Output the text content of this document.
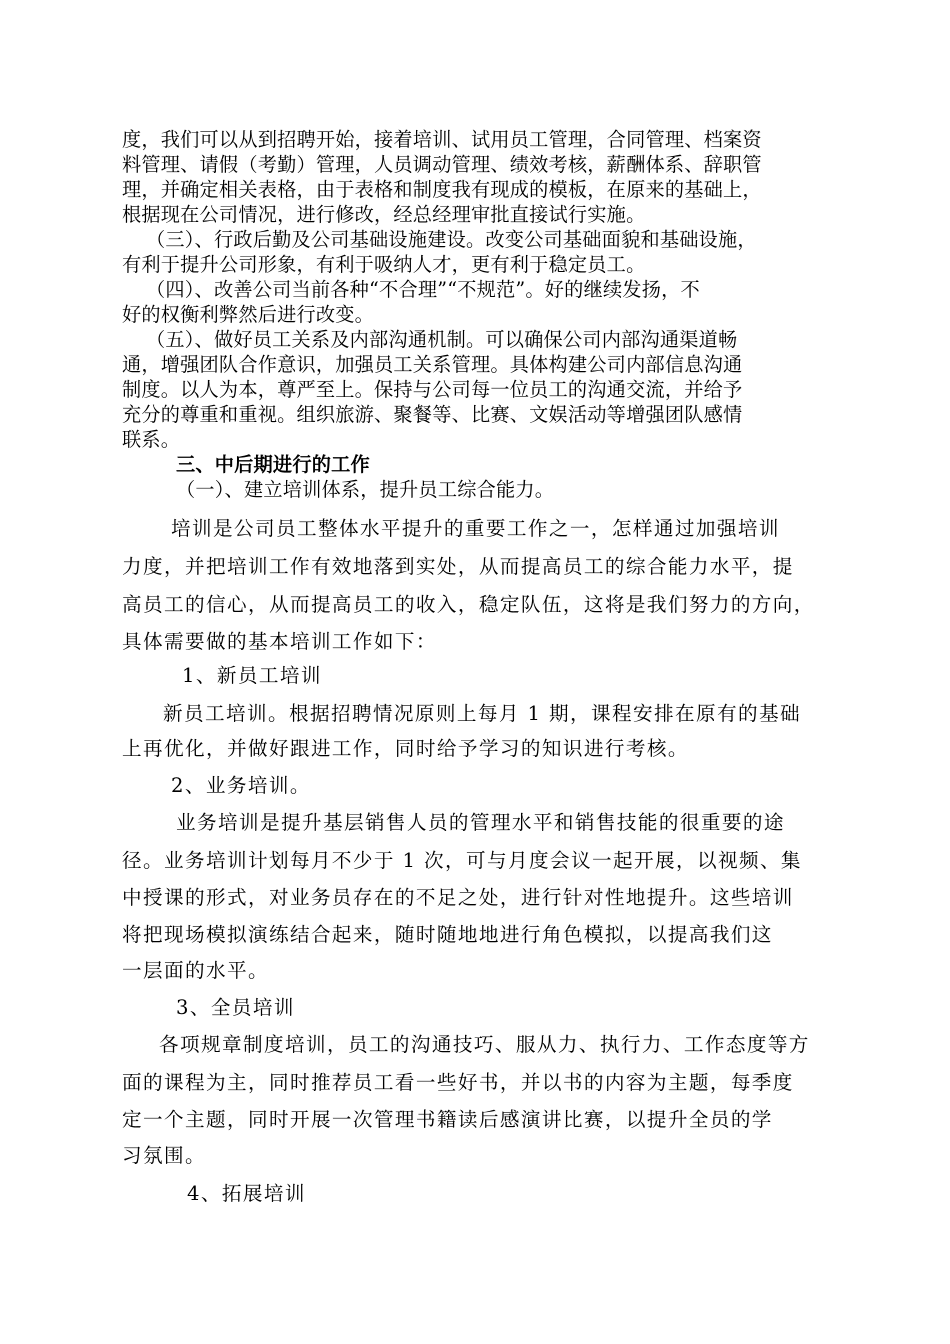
度，我们可以从到招聘开始，接着培训、试用员工管理，合同管理、档案资
料管理、请假（考勤）管理，人员调动管理、绩效考核，薪酬体系、辞职管
理，并确定相关表格，由于表格和制度我有现成的模板，在原来的基础上，
根据现在公司情况，进行修改，经总经理审批直接试行实施。
（三）、行政后勤及公司基础设施建设。改变公司基础面貌和基础设施，
有利于提升公司形象，有利于吸纳人才，更有利于稳定员工。
（四）、改善公司当前各种“不合理”“不规范”。好的继续发扬，不
好的权衡利弊然后进行改变。
（五）、做好员工关系及内部沟通机制。可以确保公司内部沟通渠道畅
通，增强团队合作意识，加强员工关系管理。具体构建公司内部信息沟通
制度。以人为本，尊严至上。保持与公司每一位员工的沟通交流，并给予
充分的尊重和重视。组织旅游、聚餐等、比赛、文娱活动等增强团队感情
联系。
三、中后期进行的工作
（一）、建立培训体系，提升员工综合能力。
培训是公司员工整体水平提升的重要工作之一，怎样通过加强培训
力度，并把培训工作有效地落到实处，从而提高员工的综合能力水平，提
高员工的信心，从而提高员工的收入，稳定队伍，这将是我们努力的方向，
具体需要做的基本培训工作如下：
1、新员工培训
新员工培训。根据招聘情况原则上每月 1 期，课程安排在原有的基础
上再优化，并做好跟进工作，同时给予学习的知识进行考核。
2、业务培训。
业务培训是提升基层销售人员的管理水平和销售技能的很重要的途
径。业务培训计划每月不少于 1 次，可与月度会议一起开展，以视频、集
中授课的形式，对业务员存在的不足之处，进行针对性地提升。这些培训
将把现场模拟演练结合起来，随时随地地进行角色模拟，以提高我们这
一层面的水平。
3、全员培训
各项规章制度培训，员工的沟通技巧、服从力、执行力、工作态度等方
面的课程为主，同时推荐员工看一些好书，并以书的内容为主题，每季度
定一个主题，同时开展一次管理书籍读后感演讲比赛，以提升全员的学
习氛围。
4、拓展培训
